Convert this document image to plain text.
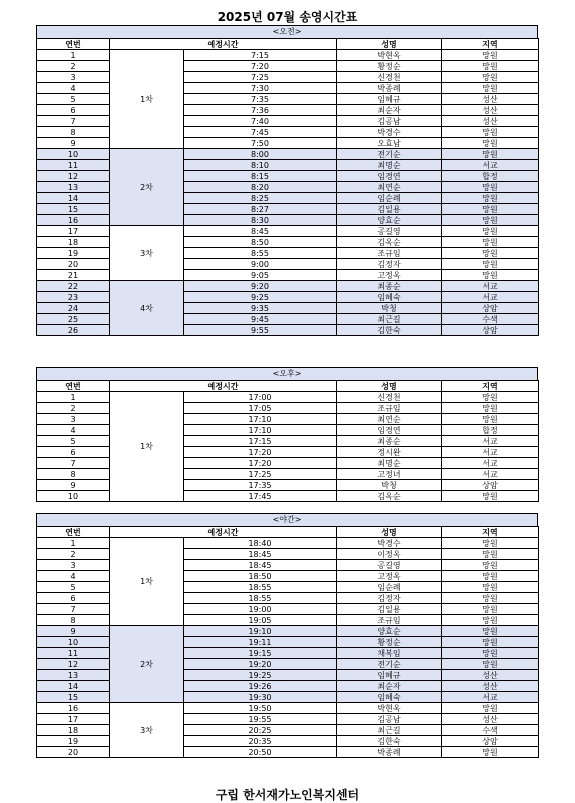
2025년 07월 송영시간표
<오전>
연번	예정시간		성명	지역
1	1차	7:15	박현옥	망원
2		7:20	황정순	망원
3		7:25	신경천	망원
4		7:30	박종례	망원
5		7:35	임혜규	성산
6		7:36	최순자	성산
7		7:40	김공남	성산
8		7:45	박경수	망원
9		7:50	오효남	망원
10	2차	8:00	전기순	망원
11		8:10	최명순	서교
12		8:15	임경연	합정
13		8:20	최연순	망원
14		8:25	임순례	망원
15		8:27	김일용	망원
16		8:30	양효순	망원
17	3차	8:45	공길영	망원
18		8:50	김옥순	망원
19		8:55	조규임	망원
20		9:00	김정자	망원
21		9:05	고정옥	망원
22	4차	9:20	최종순	서교
23		9:25	임혜숙	서교
24		9:35	박청	상암
25		9:45	최근길	수색
26		9:55	김한숙	상암
<오후>
연번	예정시간		성명	지역
1	1차	17:00	신경천	망원
2		17:05	조규임	망원
3		17:10	최연순	망원
4		17:10	임경연	합정
5		17:15	최종순	서교
6		17:20	정시완	서교
7		17:20	최명순	서교
8		17:25	고정녀	서교
9		17:35	박청	상암
10		17:45	김옥순	망원
<야간>
연번	예정시간		성명	지역
1	1차	18:40	박경수	망원
2		18:45	이정옥	망원
3		18:45	공길영	망원
4		18:50	고정옥	망원
5		18:55	임순례	망원
6		18:55	김정자	망원
7		19:00	김일용	망원
8		19:05	조규임	망원
9	2차	19:10	양효순	망원
10		19:11	황정순	망원
11		19:15	채복임	망원
12		19:20	전기순	망원
13		19:25	임혜규	성산
14		19:26	최순자	성산
15		19:30	임혜숙	서교
16	3차	19:50	박현옥	망원
17		19:55	김공남	성산
18		20:25	최근길	수색
19		20:35	김한숙	상암
20		20:50	박종례	망원
구립 한서재가노인복지센터
